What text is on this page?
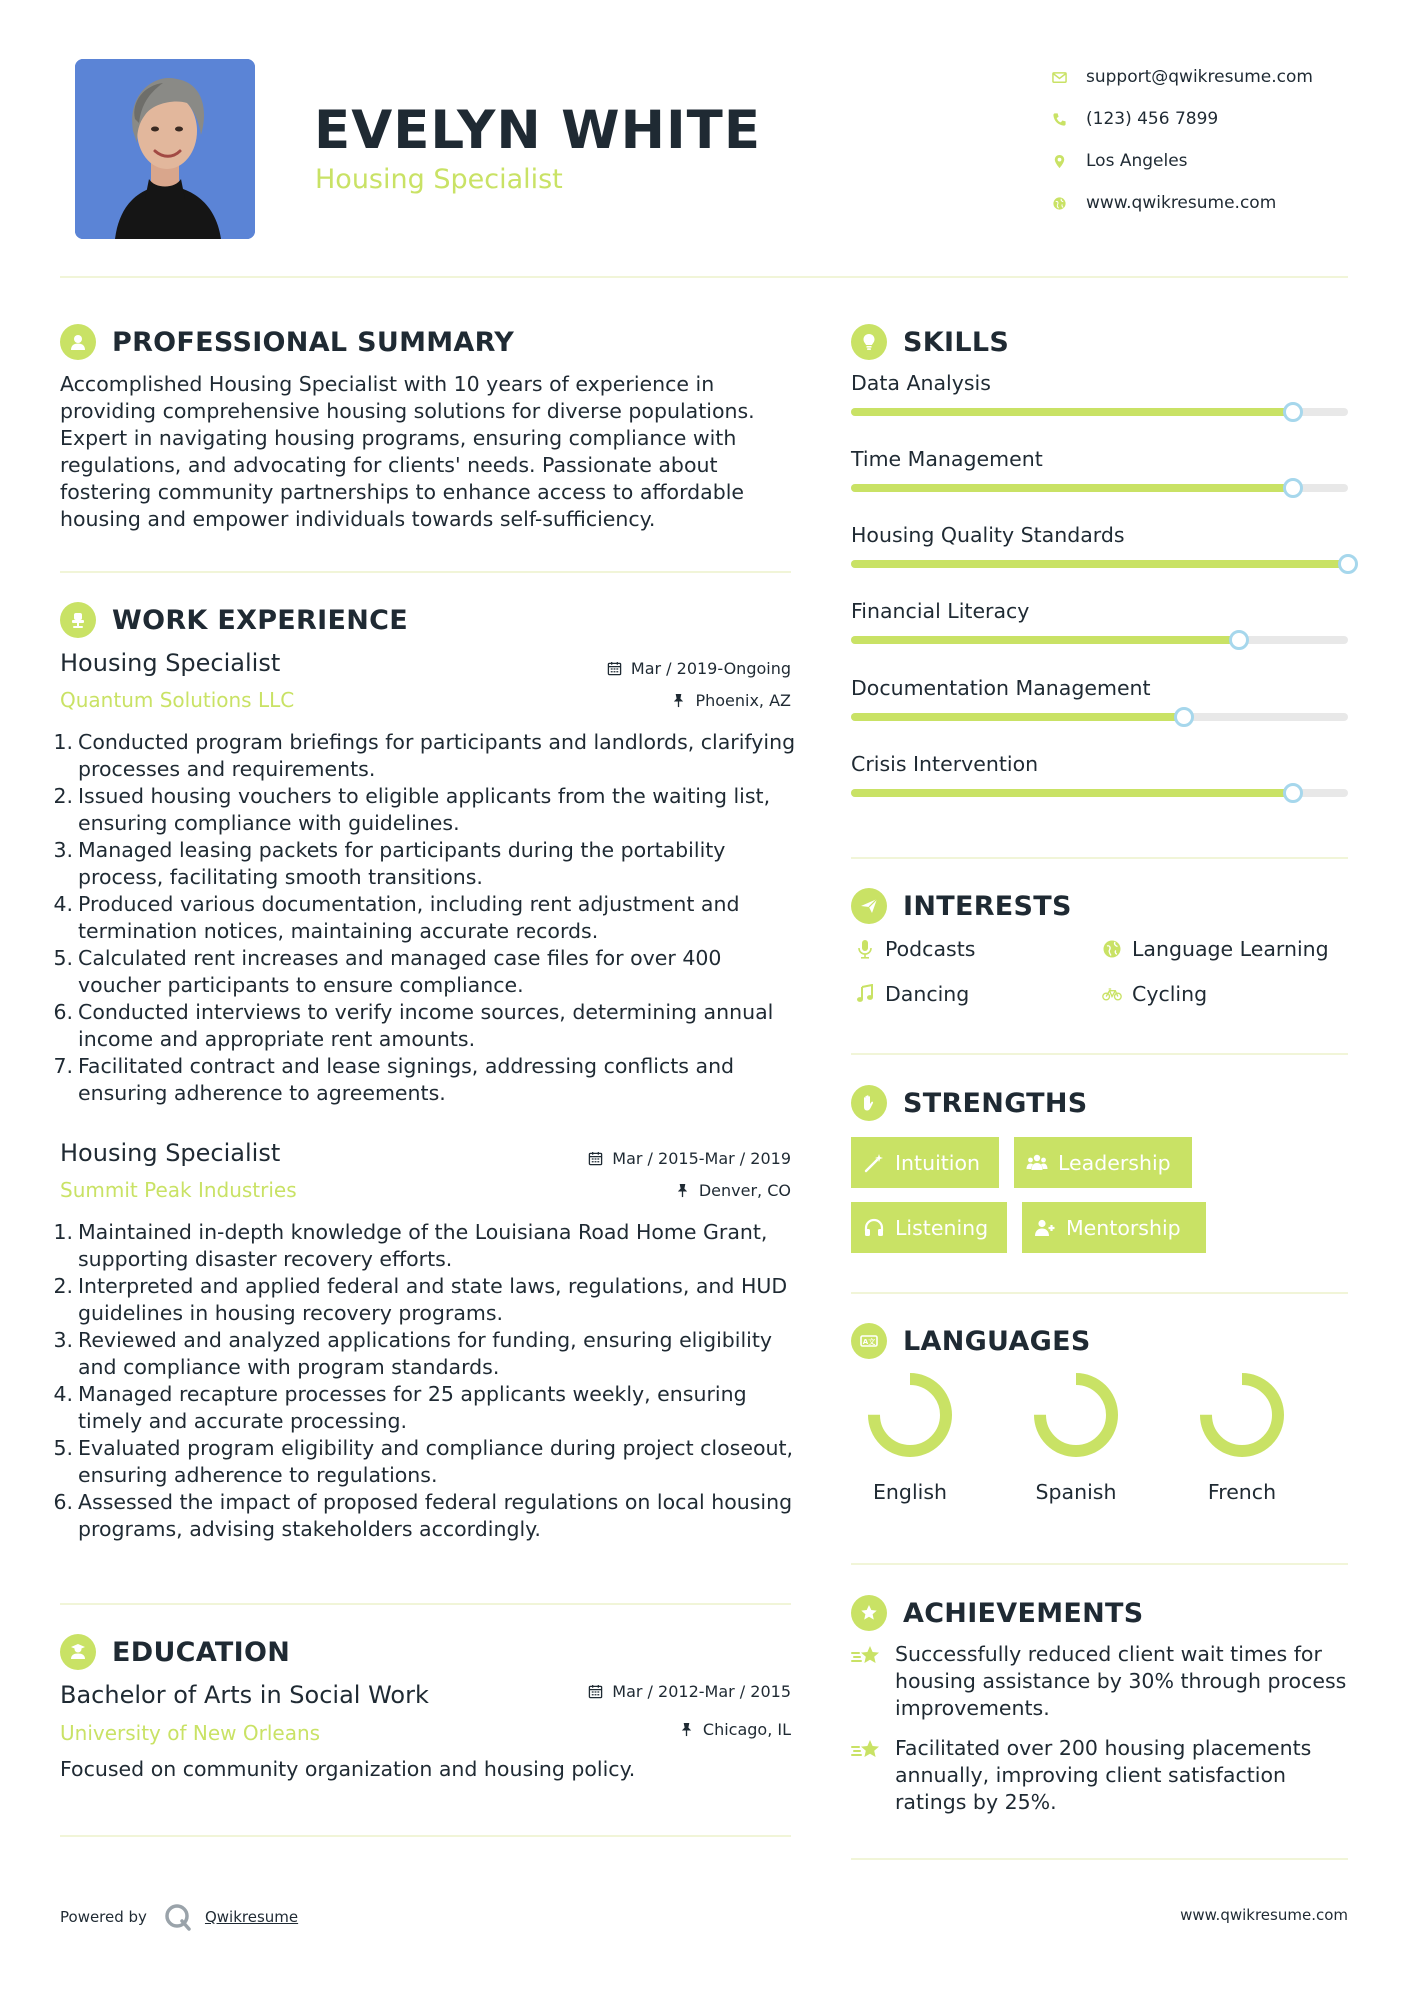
EVELYN WHITE
Housing Specialist
support@qwikresume.com
(123) 456 7899
Los Angeles
www.qwikresume.com
PROFESSIONAL SUMMARY
Accomplished Housing Specialist with 10 years of experience in providing comprehensive housing solutions for diverse populations. Expert in navigating housing programs, ensuring compliance with regulations, and advocating for clients' needs. Passionate about fostering community partnerships to enhance access to affordable housing and empower individuals towards self-sufficiency.
WORK EXPERIENCE
Housing Specialist
Quantum Solutions LLC
Mar / 2019-Ongoing
Phoenix, AZ
1. Conducted program briefings for participants and landlords, clarifying processes and requirements.
2. Issued housing vouchers to eligible applicants from the waiting list, ensuring compliance with guidelines.
3. Managed leasing packets for participants during the portability process, facilitating smooth transitions.
4. Produced various documentation, including rent adjustment and termination notices, maintaining accurate records.
5. Calculated rent increases and managed case files for over 400 voucher participants to ensure compliance.
6. Conducted interviews to verify income sources, determining annual income and appropriate rent amounts.
7. Facilitated contract and lease signings, addressing conflicts and ensuring adherence to agreements.
Housing Specialist
Summit Peak Industries
Mar / 2015-Mar / 2019
Denver, CO
1. Maintained in-depth knowledge of the Louisiana Road Home Grant, supporting disaster recovery efforts.
2. Interpreted and applied federal and state laws, regulations, and HUD guidelines in housing recovery programs.
3. Reviewed and analyzed applications for funding, ensuring eligibility and compliance with program standards.
4. Managed recapture processes for 25 applicants weekly, ensuring timely and accurate processing.
5. Evaluated program eligibility and compliance during project closeout, ensuring adherence to regulations.
6. Assessed the impact of proposed federal regulations on local housing programs, advising stakeholders accordingly.
EDUCATION
Bachelor of Arts in Social Work
University of New Orleans
Mar / 2012-Mar / 2015
Chicago, IL
Focused on community organization and housing policy.
SKILLS
Data Analysis
Time Management
Housing Quality Standards
Financial Literacy
Documentation Management
Crisis Intervention
INTERESTS
Podcasts	Language Learning
Dancing	Cycling
STRENGTHS
Intuition	Leadership
Listening	Mentorship
A文 LANGUAGES
English	Spanish	French
ACHIEVEMENTS
Successfully reduced client wait times for housing assistance by 30% through process improvements.
Facilitated over 200 housing placements annually, improving client satisfaction ratings by 25%.
Powered by	Qwikresume	www.qwikresume.com
